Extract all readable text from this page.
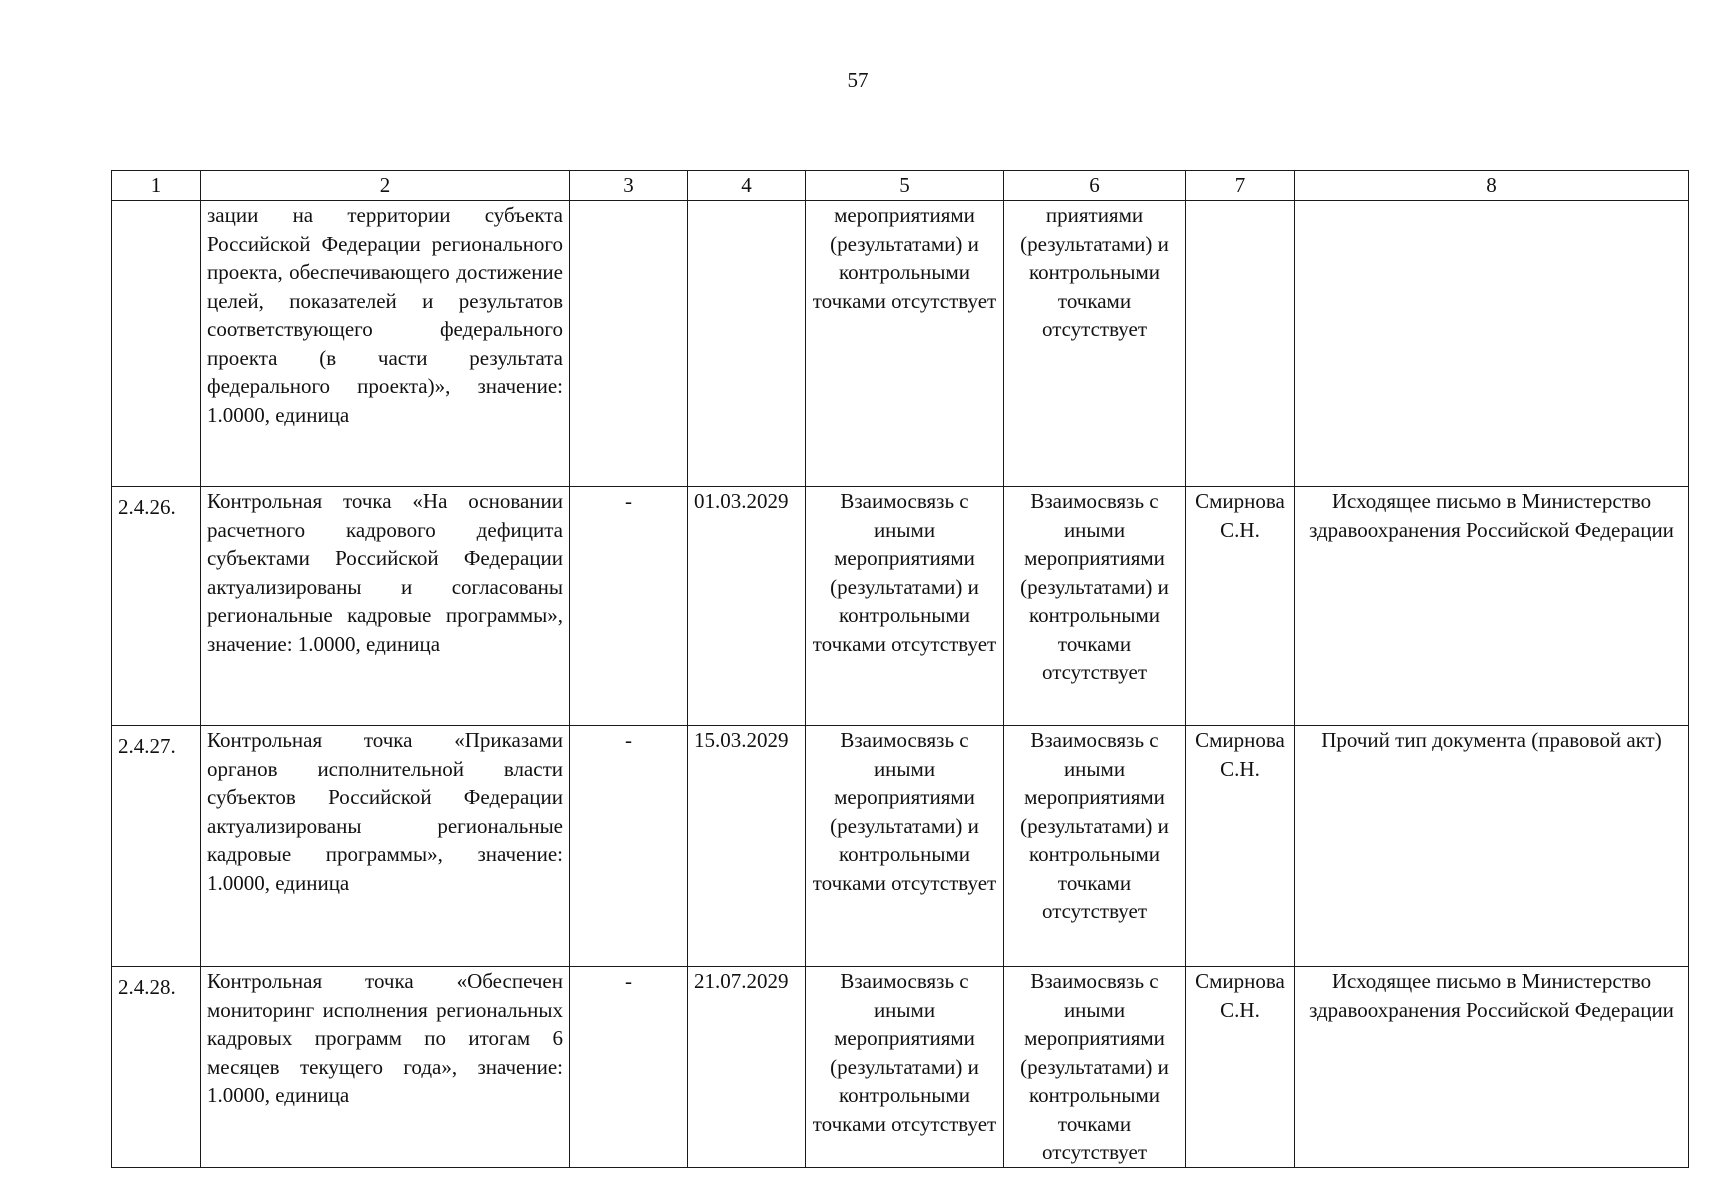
57
1	2	3	4	5	6	7	8
	зации на территории субъекта Российской Федерации регионального проекта, обеспечивающего достижение целей, показателей и результатов соответствующего федерального проекта (в части результата федерального проекта)», значение: 1.0000, единица			мероприятиями (результатами) и контрольными точками отсутствует	приятиями (результатами) и контрольными точками отсутствует		
2.4.26.	Контрольная точка «На основании расчетного кадрового дефицита субъектами Российской Федерации актуализированы и согласованы региональные кадровые программы», значение: 1.0000, единица	-	01.03.2029	Взаимосвязь с иными мероприятиями (результатами) и контрольными точками отсутствует	Взаимосвязь с иными мероприятиями (результатами) и контрольными точками отсутствует	Смирнова С.Н.	Исходящее письмо в Министерство здравоохранения Российской Федерации
2.4.27.	Контрольная точка «Приказами органов исполнительной власти субъектов Российской Федерации актуализированы региональные кадровые программы», значение: 1.0000, единица	-	15.03.2029	Взаимосвязь с иными мероприятиями (результатами) и контрольными точками отсутствует	Взаимосвязь с иными мероприятиями (результатами) и контрольными точками отсутствует	Смирнова С.Н.	Прочий тип документа (правовой акт)
2.4.28.	Контрольная точка «Обеспечен мониторинг исполнения региональных кадровых программ по итогам 6 месяцев текущего года», значение: 1.0000, единица	-	21.07.2029	Взаимосвязь с иными мероприятиями (результатами) и контрольными точками отсутствует	Взаимосвязь с иными мероприятиями (результатами) и контрольными точками отсутствует	Смирнова С.Н.	Исходящее письмо в Министерство здравоохранения Российской Федерации
